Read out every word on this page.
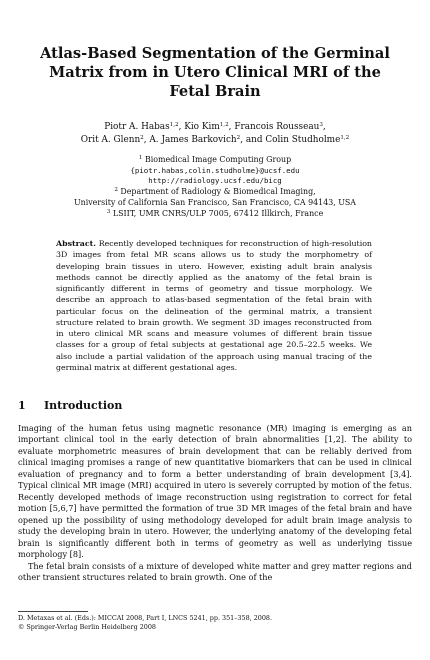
Atlas-Based Segmentation of the Germinal
Matrix from in Utero Clinical MRI of the
Fetal Brain
Piotr A. Habas$^{1,2}$, Kio Kim$^{1,2}$, Francois Rousseau$^3$,
Orit A. Glenn$^2$, A. James Barkovich$^2$, and Colin Studholme$^{1,2}$
$^1$ Biomedical Image Computing Group
{piotr.habas,colin.studholme}@ucsf.edu
http://radiology.ucsf.edu/bicg
$^2$ Department of Radiology & Biomedical Imaging,
University of California San Francisco, San Francisco, CA 94143, USA
$^3$ LSIIT, UMR CNRS/ULP 7005, 67412 Illkirch, France
Abstract. Recently developed techniques for reconstruction of high-resolution 3D images from fetal MR scans allows us to study the morphometry of developing brain tissues in utero. However, existing adult brain analysis methods cannot be directly applied as the anatomy of the fetal brain is significantly different in terms of geometry and tissue morphology. We describe an approach to atlas-based segmentation of the fetal brain with particular focus on the delineation of the germinal matrix, a transient structure related to brain growth. We segment 3D images reconstructed from in utero clinical MR scans and measure volumes of different brain tissue classes for a group of fetal subjects at gestational age 20.5–22.5 weeks. We also include a partial validation of the approach using manual tracing of the germinal matrix at different gestational ages.
1 Introduction

Imaging of the human fetus using magnetic resonance (MR) imaging is emerging as an important clinical tool in the early detection of brain abnormalities [1,2]. The ability to evaluate morphometric measures of brain development that can be reliably derived from clinical imaging promises a range of new quantitative biomarkers that can be used in clinical evaluation of pregnancy and to form a better understanding of brain development [3,4]. Typical clinical MR image (MRI) acquired in utero is severely corrupted by motion of the fetus. Recently developed methods of image reconstruction using registration to correct for fetal motion [5,6,7] have permitted the formation of true 3D MR images of the fetal brain and have opened up the possibility of using methodology developed for adult brain image analysis to study the developing brain in utero. However, the underlying anatomy of the developing fetal brain is significantly different both in terms of geometry as well as underlying tissue morphology [8].

The fetal brain consists of a mixture of developed white matter and grey matter regions and other transient structures related to brain growth. One of the

D. Metaxas et al. (Eds.): MICCAI 2008, Part I, LNCS 5241, pp. 351–358, 2008.
© Springer-Verlag Berlin Heidelberg 2008
